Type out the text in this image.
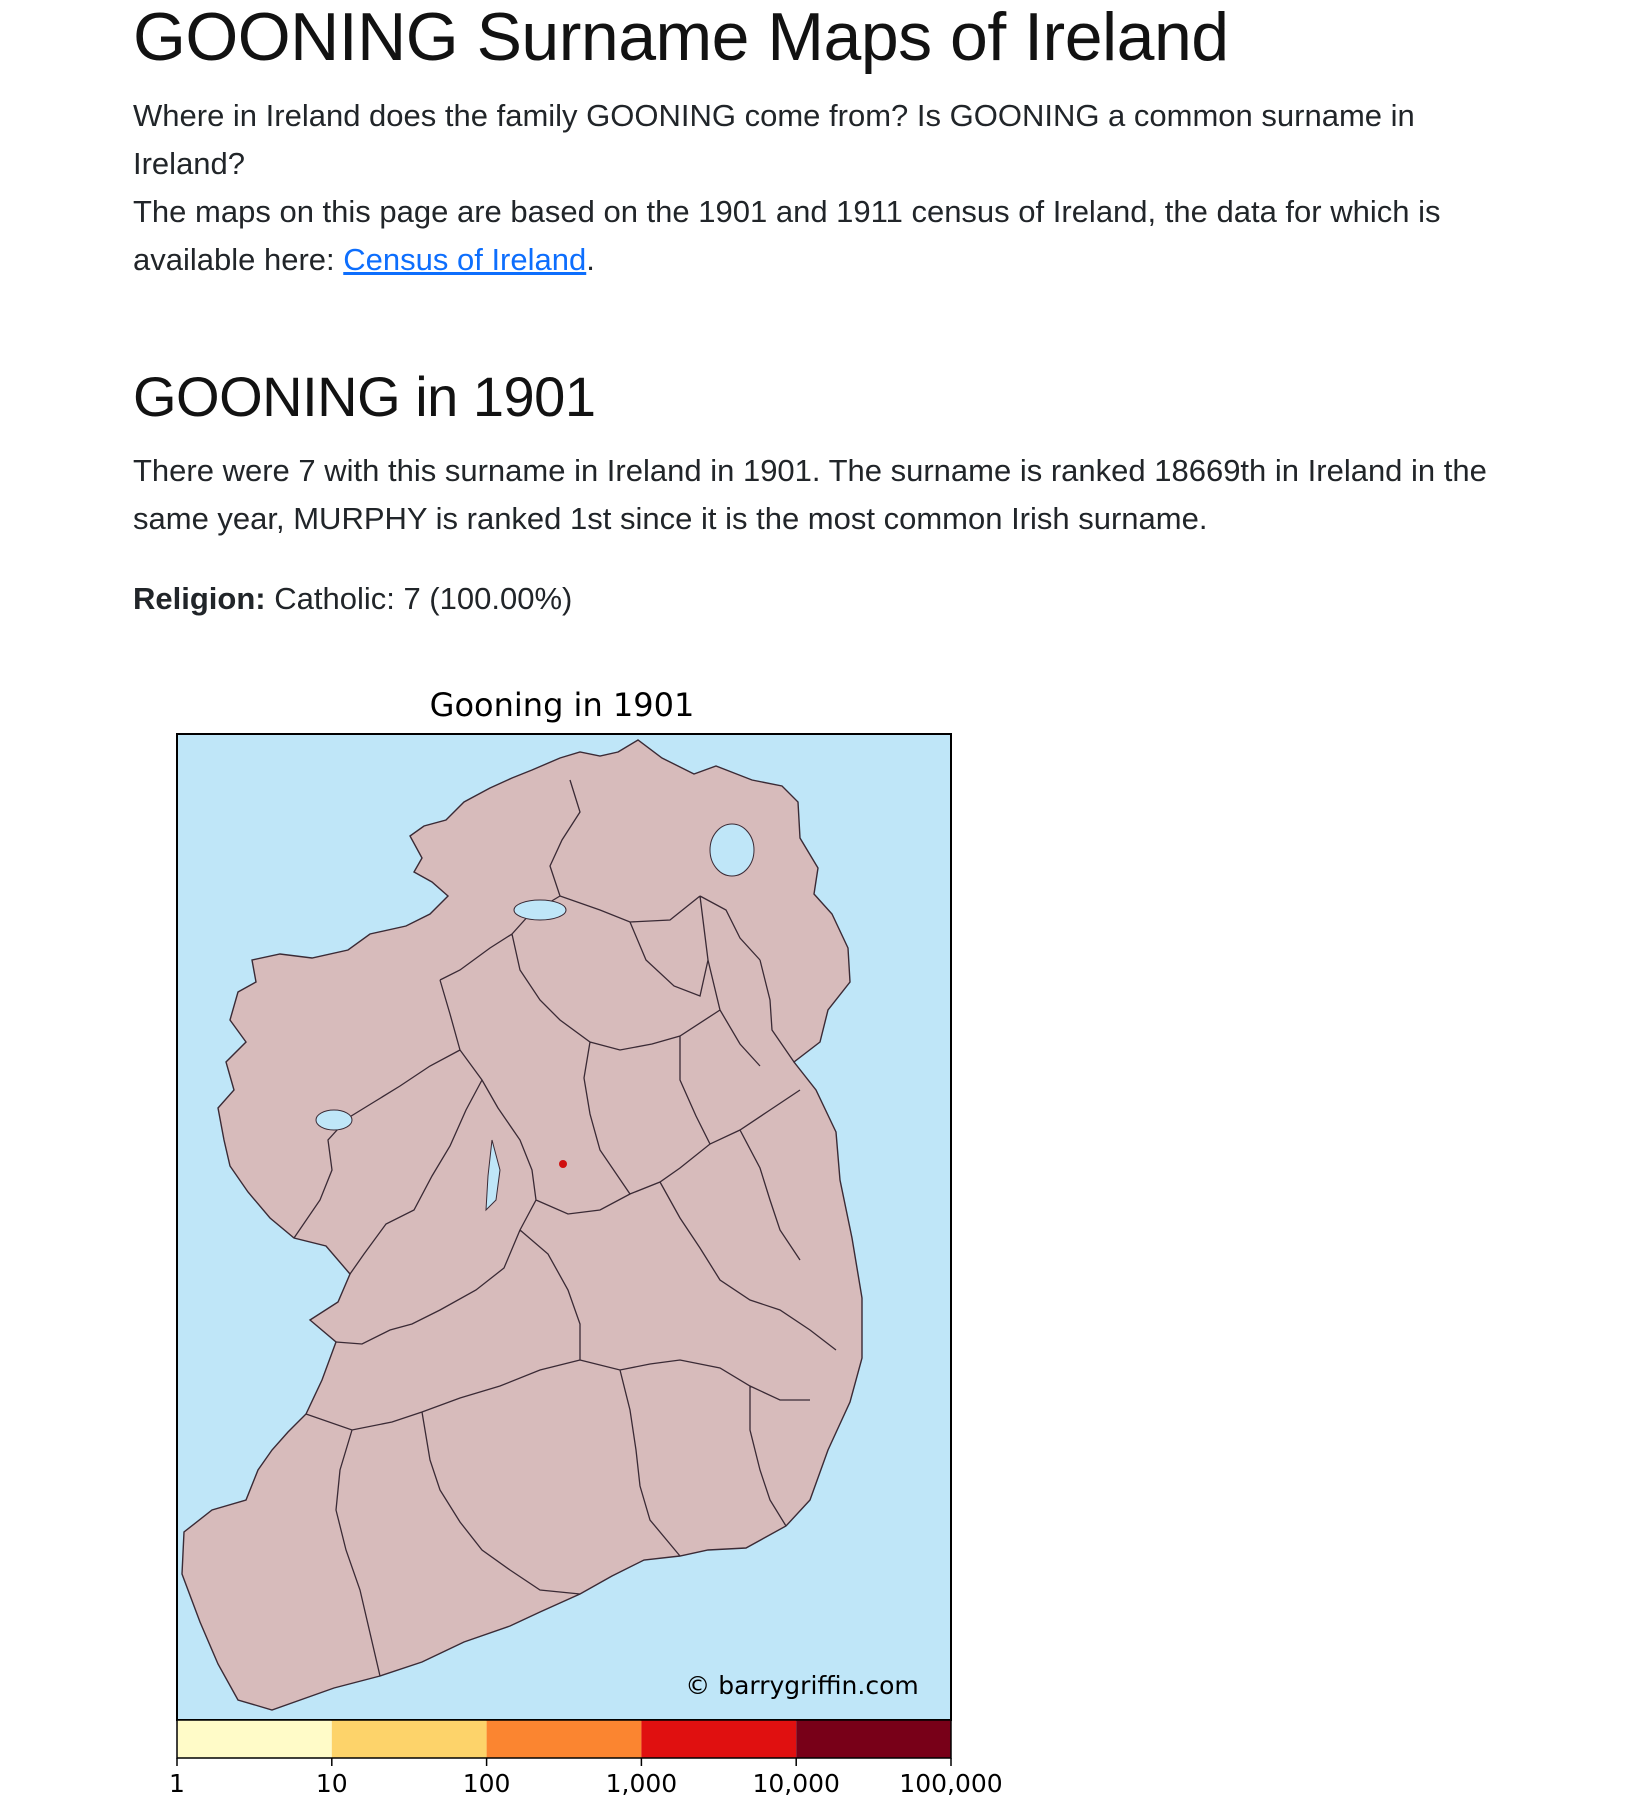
GOONING Surname Maps of Ireland

Where in Ireland does the family GOONING come from? Is GOONING a common surname in Ireland?

The maps on this page are based on the 1901 and 1911 census of Ireland, the data for which is available here: Census of Ireland.

GOONING in 1901

There were 7 with this surname in Ireland in 1901. The surname is ranked 18669th in Ireland in the same year, MURPHY is ranked 1st since it is the most common Irish surname.

Religion: Catholic: 7 (100.00%)

Gooning in 1901
© barrygriffin.com
1	10	100	1,000	10,000 100,000
